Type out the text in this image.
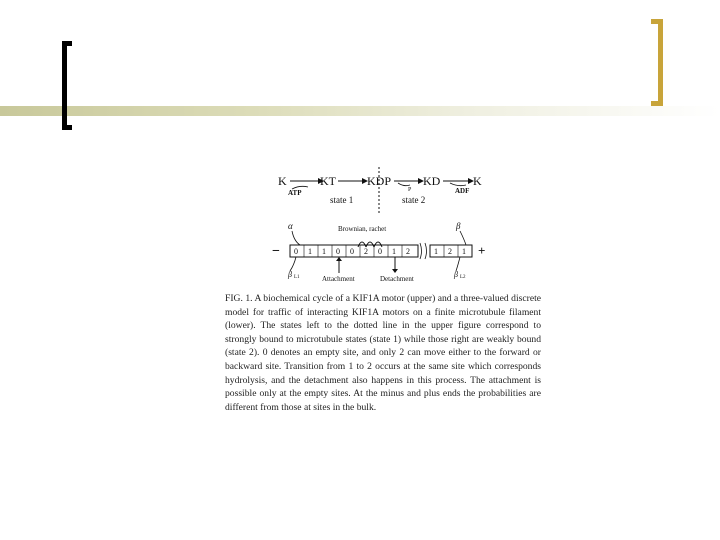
K
ATP
KT	KDP
P
KD
ADF
K
state 1	state 2
α	Brownian, rachet	β
−	+
0 1 1 0 0 2 0 1 2	1 2 1
β L1	Attachment	Detachment	β L2
FIG. 1. A biochemical cycle of a KIF1A motor (upper) and a three-valued discrete model for traffic of interacting KIF1A motors on a finite microtubule filament (lower). The states left to the dotted line in the upper figure correspond to strongly bound to microtubule states (state 1) while those right are weakly bound (state 2). 0 denotes an empty site, and only 2 can move either to the forward or backward site. Transition from 1 to 2 occurs at the same site which corresponds hydrolysis, and the detachment also happens in this process. The attachment is possible only at the empty sites. At the minus and plus ends the probabilities are different from those at sites in the bulk.
